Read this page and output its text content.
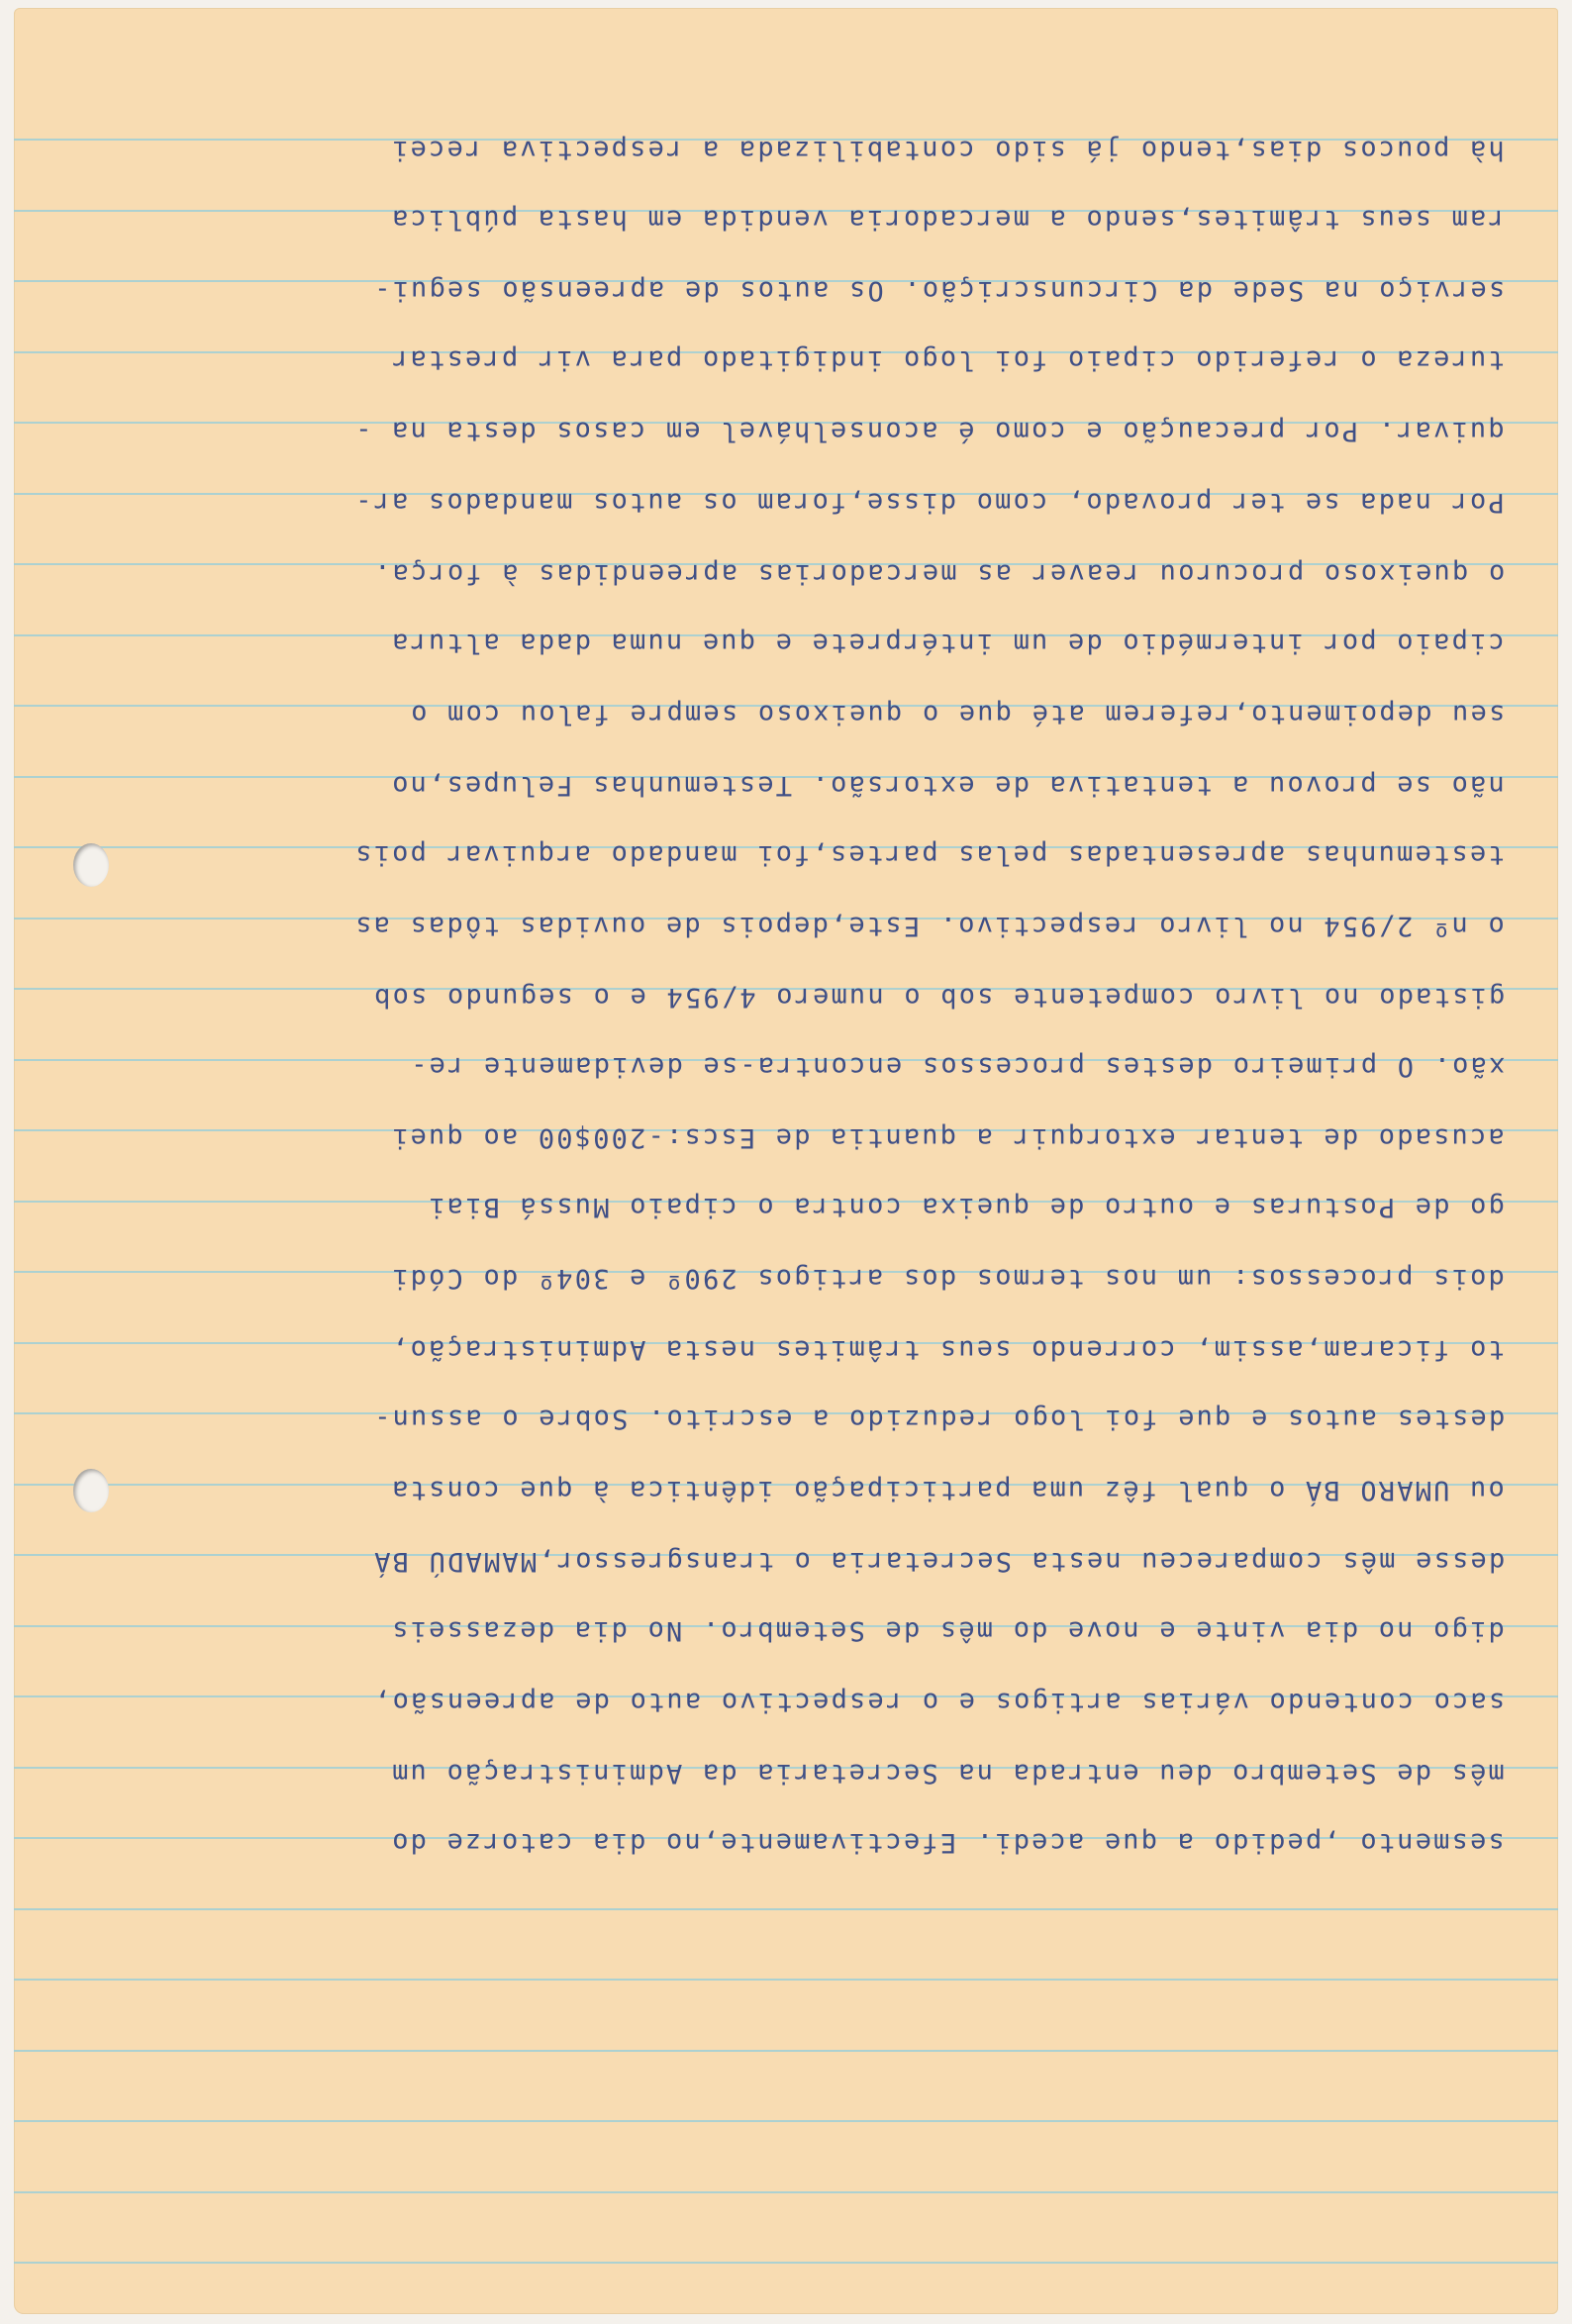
hà poucos dias,tendo já sido contabilizada a respectiva recei
ram seus trâmites,sendo a mercadoria vendida em hasta pública
serviço na Sede da Circunscrição. Os autos de apreensão segui-
tureza o referido cipaio foi logo indigitado para vir prestar
quivar. Por precaução e como é aconselhável em casos desta na -
Por nada se ter provado, como disse,foram os autos mandados ar-
o queixoso procurou reaver as mercadorias apreendidas à força.
cipaio por intermédio de um intérprete e que numa dada altura
seu depoimento,referem até que o queixoso sempre falou com o
não se provou a tentativa de extorsão. Testemunhas Felupes,no
testemunhas apresentadas pelas partes,foi mandado arquivar pois
o nº 2/954 no livro respectivo. Este,depois de ouvidas tôdas as
gistado no livro competente sob o numero 4/954 e o segundo sob
xão. O primeiro destes processos encontra-se devidamente re-
acusado de tentar extorquir a quantia de Escs:-200$00 ao quei
go de Posturas e outro de queixa contra o cipaio Mussá Biai
dois processos: um nos termos dos artigos 290º e 304º do Códi
to ficaram,assim, correndo seus trâmites nesta Administração,
destes autos e que foi logo reduzido a escrito. Sobre o assun-
ou UMARO BÁ o qual fêz uma participação idêntica à que consta
desse mês compareceu nesta Secretaria o transgressor,MAMADÚ BÁ
digo no dia vinte e nove do mês de Setembro. No dia dezasseis
saco contendo várias artigos e o respectivo auto de apreensão,
mês de Setembro deu entrada na Secretaria da Administração um
sesmento ,pedido a que acedi. Efectivamente,no dia catorze do
